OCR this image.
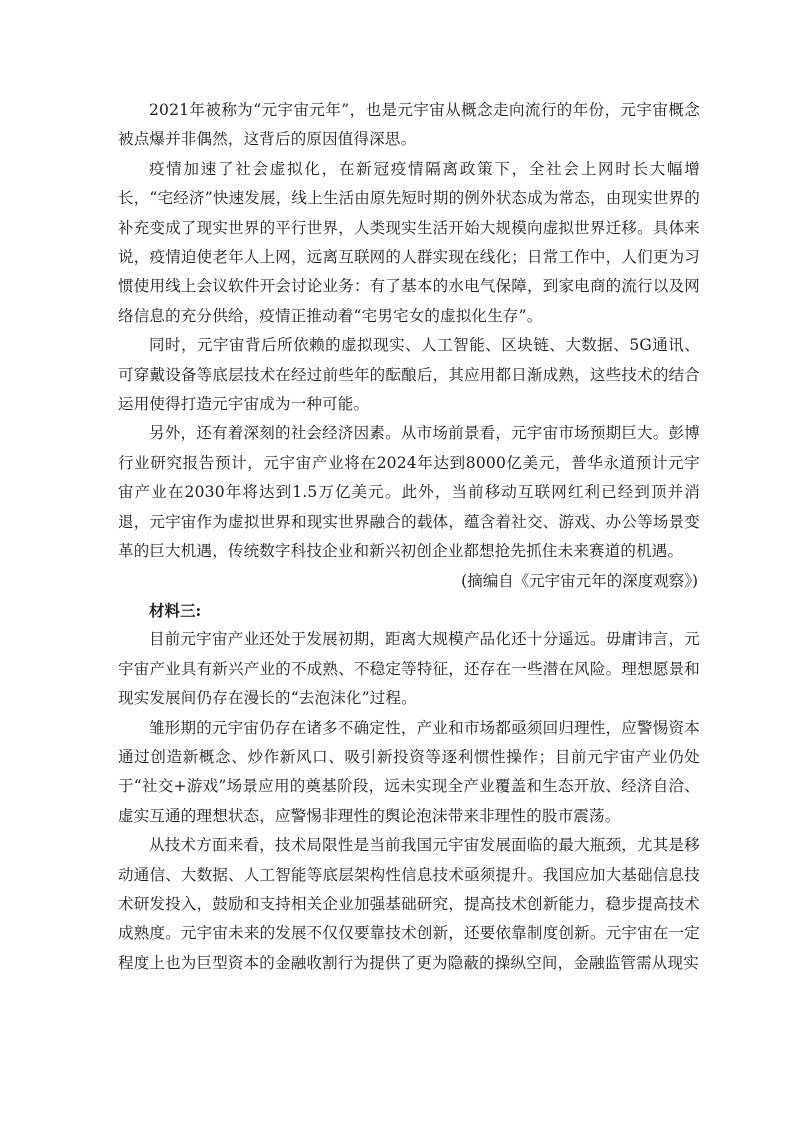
2021年被称为“元宇宙元年”，也是元宇宙从概念走向流行的年份，元宇宙概念被点爆并非偶然，这背后的原因值得深思。

疫情加速了社会虚拟化，在新冠疫情隔离政策下，全社会上网时长大幅增长，“宅经济”快速发展，线上生活由原先短时期的例外状态成为常态，由现实世界的补充变成了现实世界的平行世界，人类现实生活开始大规模向虚拟世界迁移。具体来说，疫情迫使老年人上网，远离互联网的人群实现在线化；日常工作中，人们更为习惯使用线上会议软件开会讨论业务：有了基本的水电气保障，到家电商的流行以及网络信息的充分供给，疫情正推动着“宅男宅女的虚拟化生存”。

同时，元宇宙背后所依赖的虚拟现实、人工智能、区块链、大数据、5G通讯、可穿戴设备等底层技术在经过前些年的酝酿后，其应用都日渐成熟，这些技术的结合运用使得打造元宇宙成为一种可能。

另外，还有着深刻的社会经济因素。从市场前景看，元宇宙市场预期巨大。彭博行业研究报告预计，元宇宙产业将在2024年达到8000亿美元，普华永道预计元宇宙产业在2030年将达到1.5万亿美元。此外，当前移动互联网红利已经到顶并消退，元宇宙作为虚拟世界和现实世界融合的载体，蕴含着社交、游戏、办公等场景变革的巨大机遇，传统数字科技企业和新兴初创企业都想抢先抓住未来赛道的机遇。

(摘编自《元宇宙元年的深度观察》)

材料三:

目前元宇宙产业还处于发展初期，距离大规模产品化还十分遥远。毋庸讳言，元宇宙产业具有新兴产业的不成熟、不稳定等特征，还存在一些潜在风险。理想愿景和现实发展间仍存在漫长的“去泡沫化”过程。

雏形期的元宇宙仍存在诸多不确定性，产业和市场都亟须回归理性，应警惕资本通过创造新概念、炒作新风口、吸引新投资等逐利惯性操作；目前元宇宙产业仍处于“社交+游戏”场景应用的奠基阶段，远未实现全产业覆盖和生态开放、经济自洽、虚实互通的理想状态，应警惕非理性的舆论泡沫带来非理性的股市震荡。

从技术方面来看，技术局限性是当前我国元宇宙发展面临的最大瓶颈，尤其是移动通信、大数据、人工智能等底层架构性信息技术亟须提升。我国应加大基础信息技术研发投入，鼓励和支持相关企业加强基础研究，提高技术创新能力，稳步提高技术成熟度。元宇宙未来的发展不仅仅要靠技术创新，还要依靠制度创新。元宇宙在一定程度上也为巨型资本的金融收割行为提供了更为隐蔽的操纵空间，金融监管需从现实
